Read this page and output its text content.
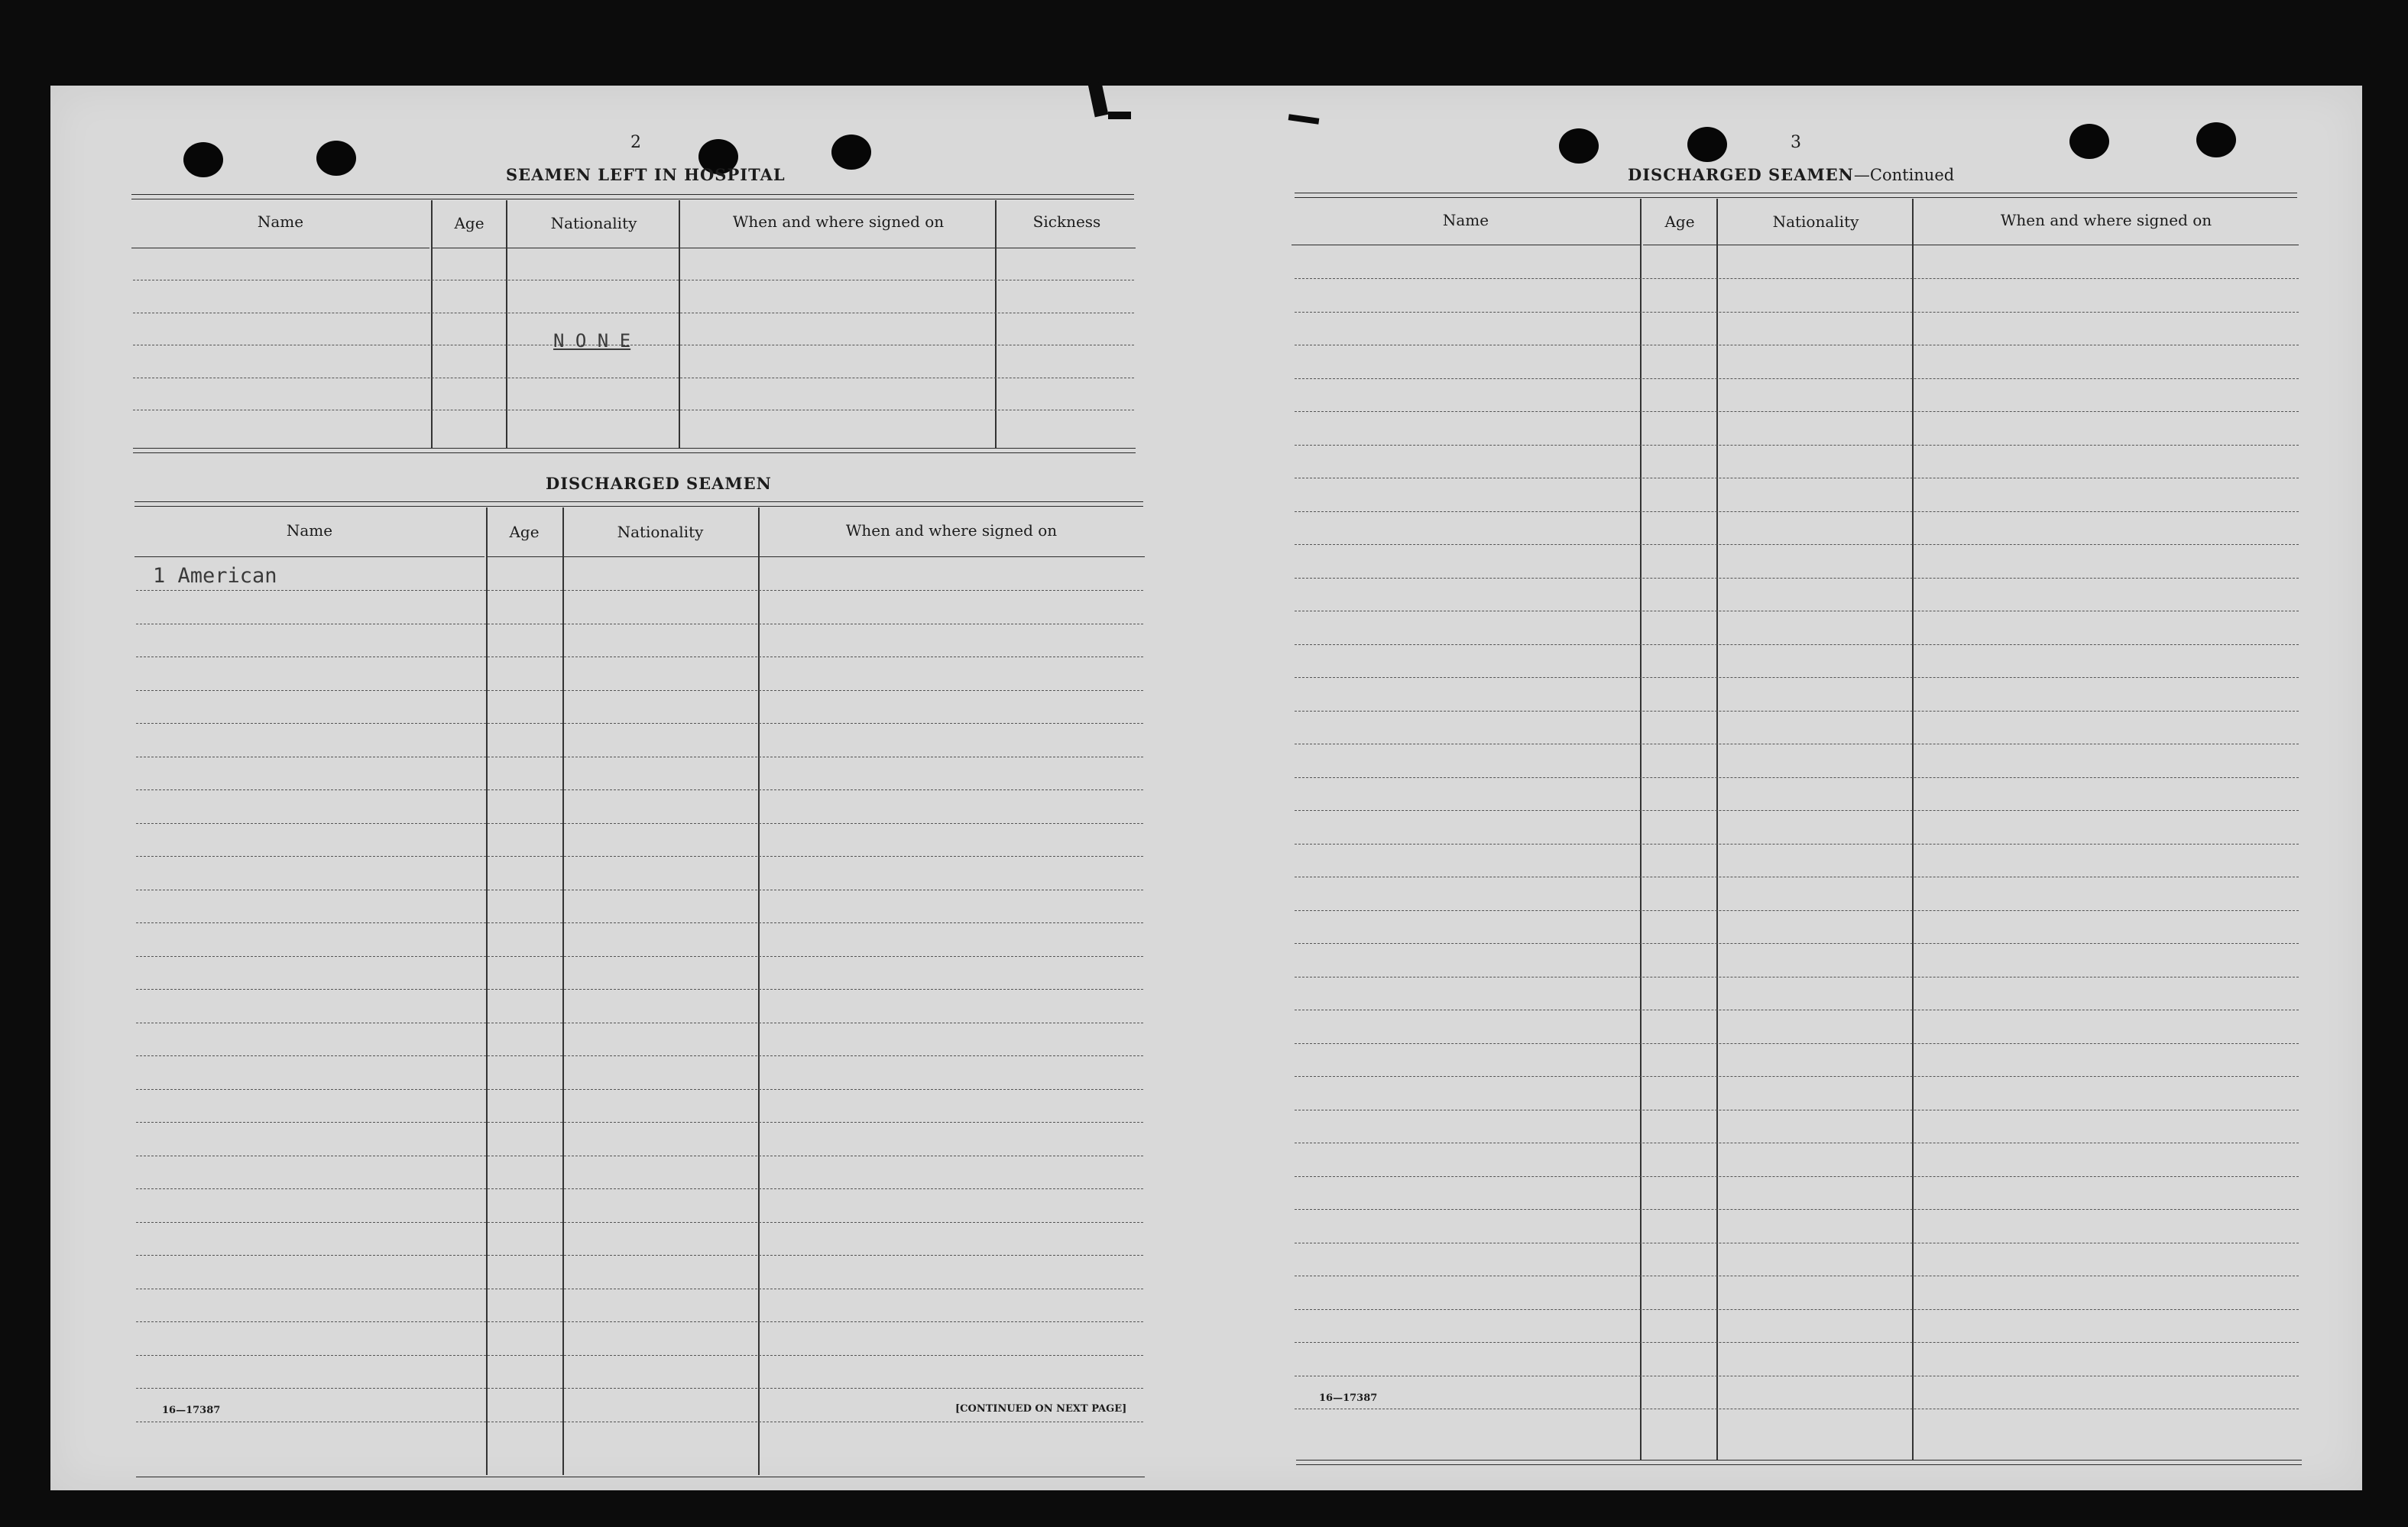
2
SEAMEN LEFT IN HOSPITAL
Name	Age	Nationality	When and where signed on	Sickness
N O N E
DISCHARGED SEAMEN
Name	Age	Nationality	When and where signed on
1 American
16—17387	[CONTINUED ON NEXT PAGE]
3
DISCHARGED SEAMEN—Continued
Name	Age	Nationality	When and where signed on
16—17387
